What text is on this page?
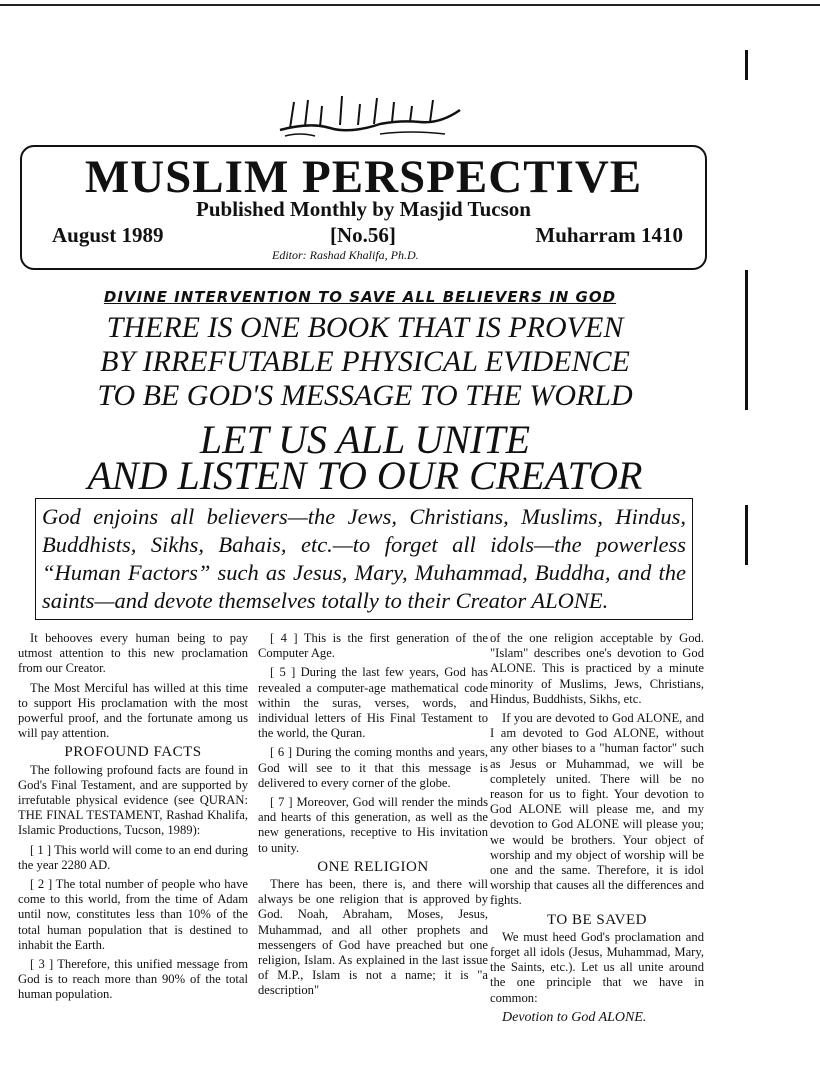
MUSLIM PERSPECTIVE
Published Monthly by Masjid Tucson
August 1989	[No.56]	Muharram 1410
Editor: Rashad Khalifa, Ph.D.
DIVINE INTERVENTION TO SAVE ALL BELIEVERS IN GOD
THERE IS ONE BOOK THAT IS PROVEN
BY IRREFUTABLE PHYSICAL EVIDENCE
TO BE GOD'S MESSAGE TO THE WORLD
LET US ALL UNITE
AND LISTEN TO OUR CREATOR
God enjoins all believers—the Jews, Christians, Muslims, Hindus, Buddhists, Sikhs, Bahais, etc.—to forget all idols—the powerless “Human Factors” such as Jesus, Mary, Muhammad, Buddha, and the saints—and devote themselves totally to their Creator ALONE.

It behooves every human being to pay utmost attention to this new proclamation from our Creator.

The Most Merciful has willed at this time to support His proclamation with the most powerful proof, and the fortunate among us will pay attention.

PROFOUND FACTS

The following profound facts are found in God's Final Testament, and are supported by irrefutable physical evidence (see QURAN: THE FINAL TESTAMENT, Rashad Khalifa, Islamic Productions, Tucson, 1989):

[ 1 ] This world will come to an end during the year 2280 AD.

[ 2 ] The total number of people who have come to this world, from the time of Adam until now, constitutes less than 10% of the total human population that is destined to inhabit the Earth.

[ 3 ] Therefore, this unified message from God is to reach more than 90% of the total human population.

[ 4 ] This is the first generation of the Computer Age.

[ 5 ] During the last few years, God has revealed a computer-age mathematical code within the suras, verses, words, and individual letters of His Final Testament to the world, the Quran.

[ 6 ] During the coming months and years, God will see to it that this message is delivered to every corner of the globe.

[ 7 ] Moreover, God will render the minds and hearts of this generation, as well as the new generations, receptive to His invitation to unity.

ONE RELIGION

There has been, there is, and there will always be one religion that is approved by God. Noah, Abraham, Moses, Jesus, Muhammad, and all other prophets and messengers of God have preached but one religion, Islam. As explained in the last issue of M.P., Islam is not a name; it is "a description"

of the one religion acceptable by God. "Islam" describes one's devotion to God ALONE. This is practiced by a minute minority of Muslims, Jews, Christians, Hindus, Buddhists, Sikhs, etc.

If you are devoted to God ALONE, and I am devoted to God ALONE, without any other biases to a "human factor" such as Jesus or Muhammad, we will be completely united. There will be no reason for us to fight. Your devotion to God ALONE will please me, and my devotion to God ALONE will please you; we would be brothers. Your object of worship and my object of worship will be one and the same. Therefore, it is idol worship that causes all the differences and fights.

TO BE SAVED

We must heed God's proclamation and forget all idols (Jesus, Muhammad, Mary, the Saints, etc.). Let us all unite around the one principle that we have in common:

Devotion to God ALONE.
